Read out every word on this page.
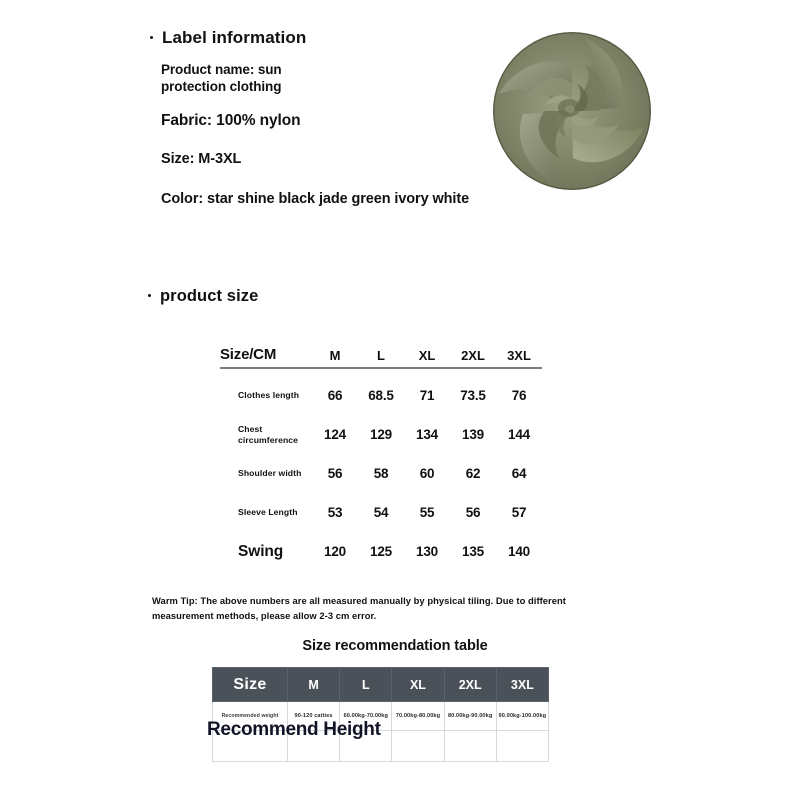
Label information
Product name: sun protection clothing
Fabric: 100% nylon
Size: M-3XL
Color: star shine black jade green ivory white
product size
Size/CM	M	L	XL	2XL	3XL

Clothes length	66	68.5	71	73.5	76
Chest circumference	124	129	134	139	144
Shoulder width	56	58	60	62	64
Sleeve Length	53	54	55	56	57
Swing	120	125	130	135	140
Warm Tip: The above numbers are all measured manually by physical tiling. Due to different measurement methods, please allow 2-3 cm error.
Size recommendation table
Size	M	L	XL	2XL	3XL
Recommended weight	90-120 catties	60.00kg-70.00kg	70.00kg-80.00kg	80.00kg-90.00kg	90.00kg-100.00kg

Recommend Height
